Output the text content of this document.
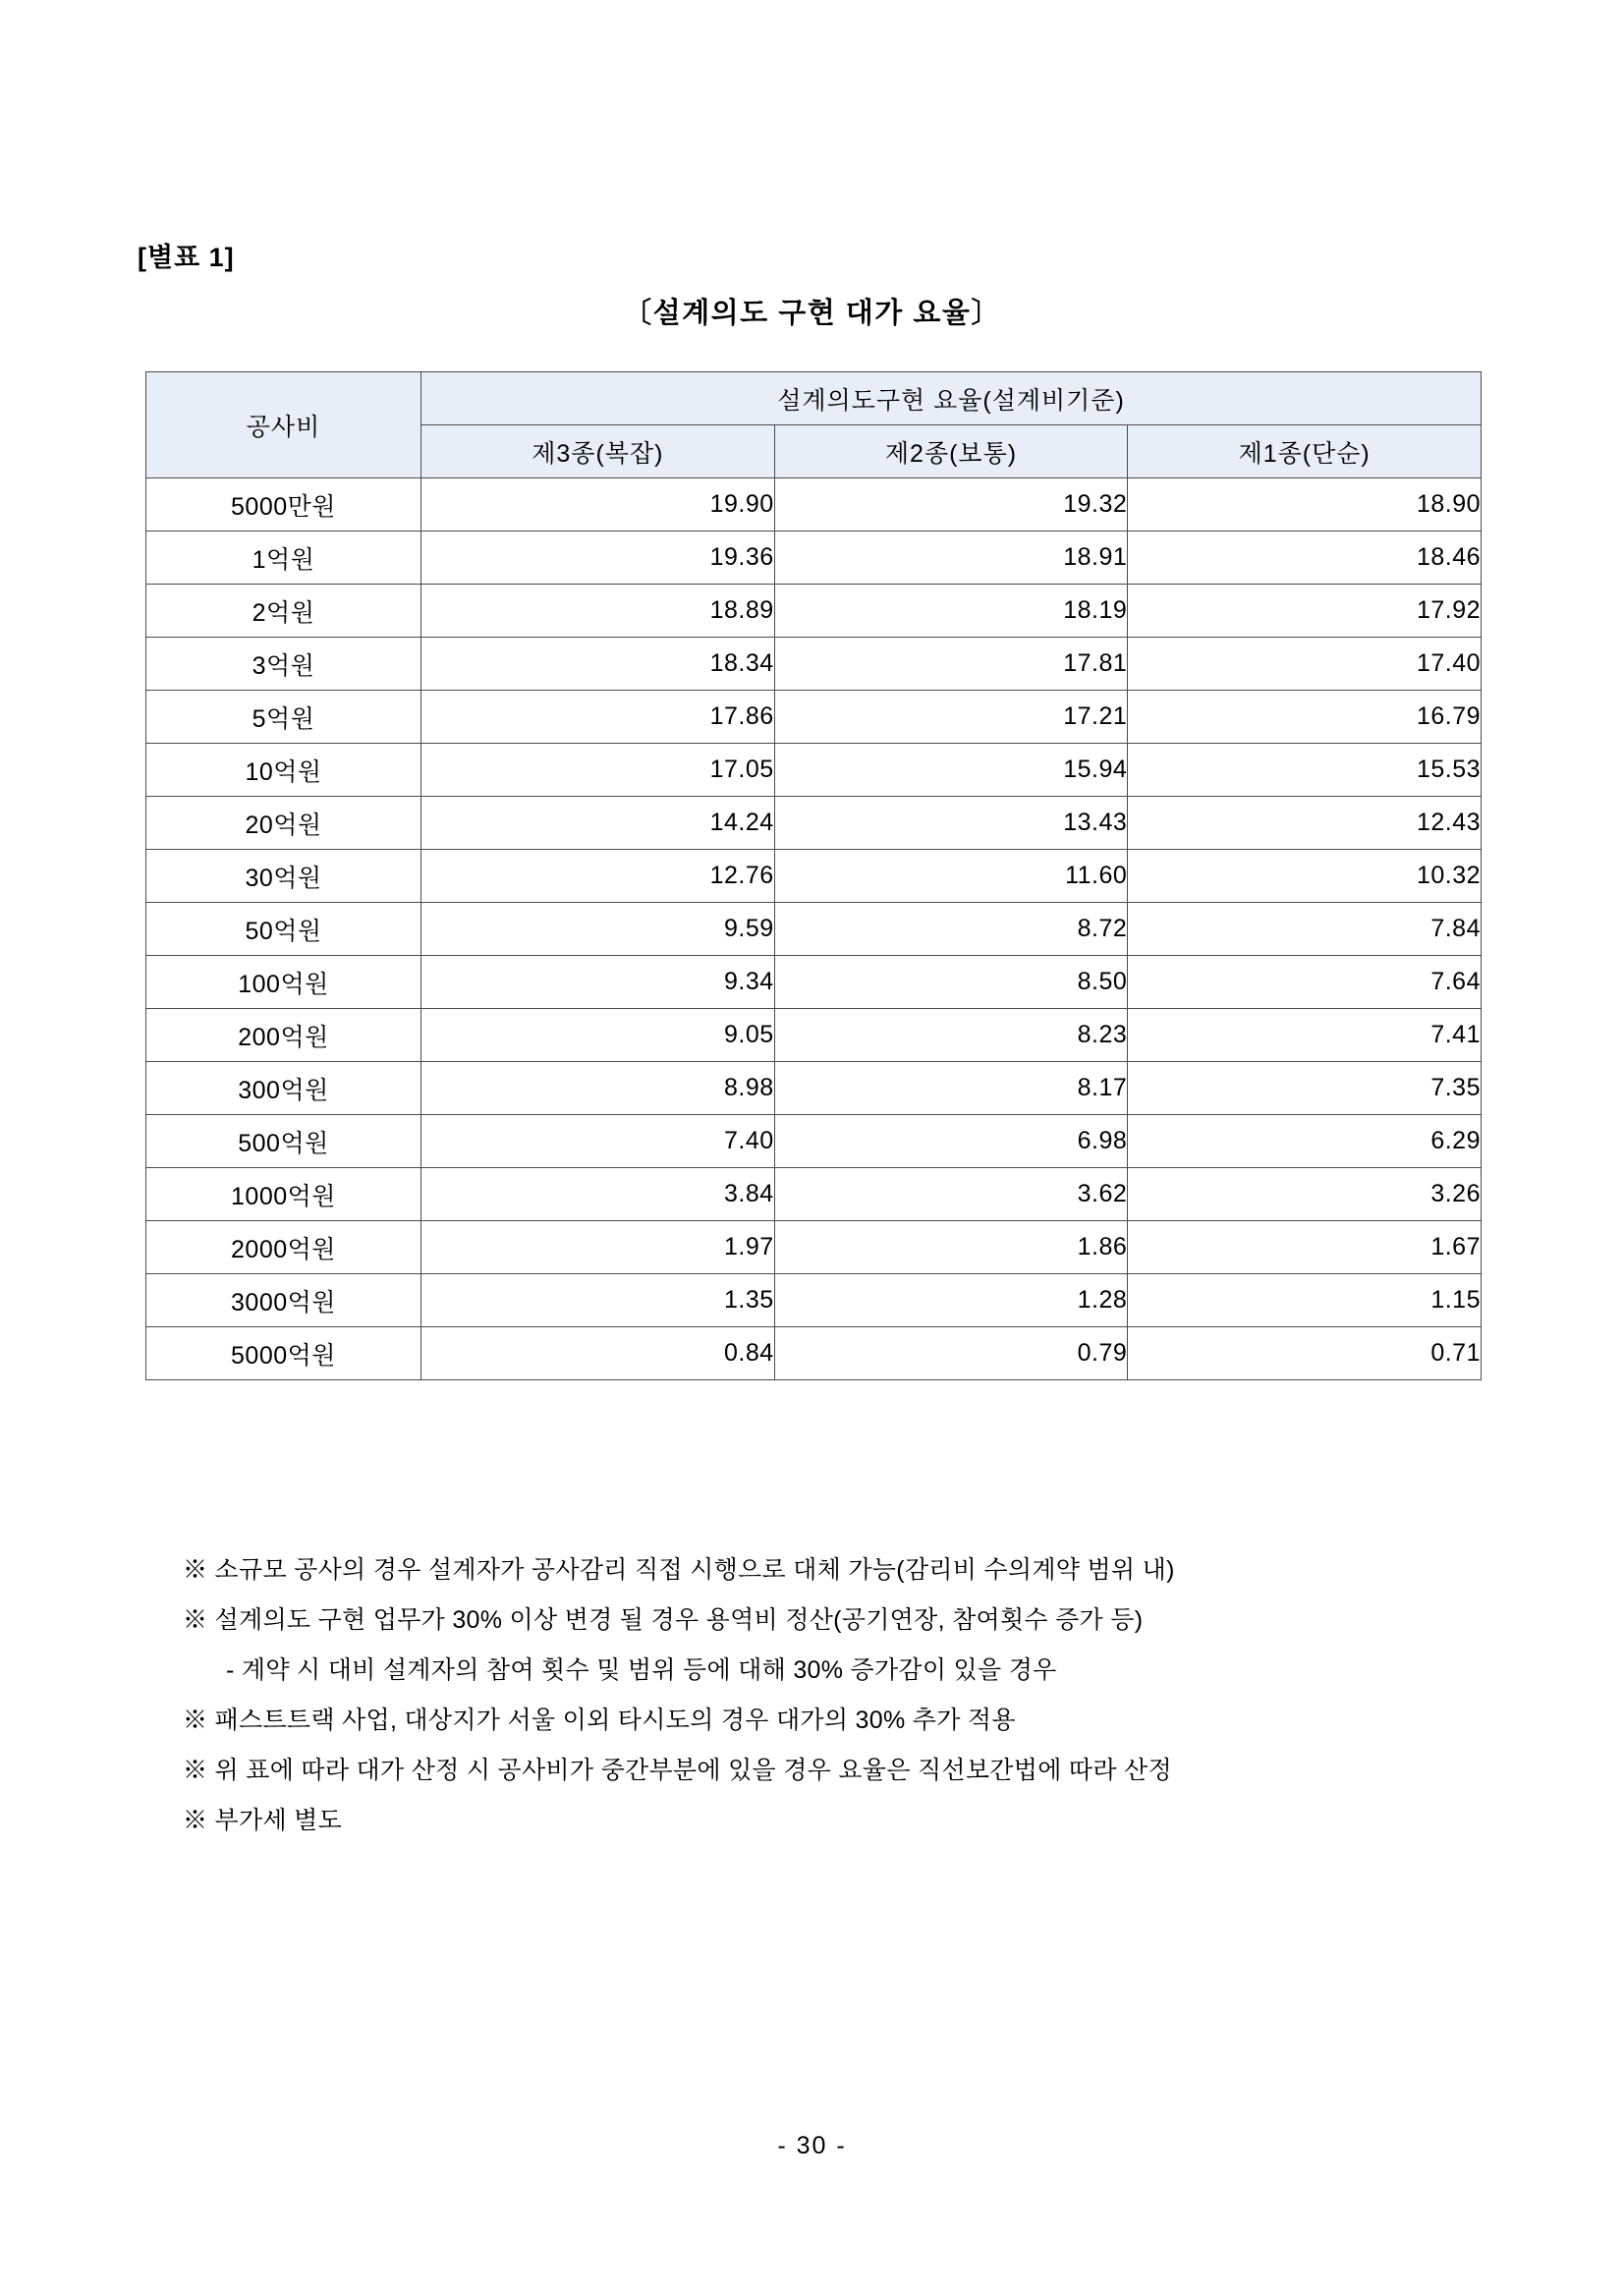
[별표 1]
〔설계의도 구현 대가 요율〕
공사비	설계의도구현 요율(설계비기준)		
	제3종(복잡)	제2종(보통)	제1종(단순)
5000만원	19.90	19.32	18.90
1억원	19.36	18.91	18.46
2억원	18.89	18.19	17.92
3억원	18.34	17.81	17.40
5억원	17.86	17.21	16.79
10억원	17.05	15.94	15.53
20억원	14.24	13.43	12.43
30억원	12.76	11.60	10.32
50억원	9.59	8.72	7.84
100억원	9.34	8.50	7.64
200억원	9.05	8.23	7.41
300억원	8.98	8.17	7.35
500억원	7.40	6.98	6.29
1000억원	3.84	3.62	3.26
2000억원	1.97	1.86	1.67
3000억원	1.35	1.28	1.15
5000억원	0.84	0.79	0.71
※ 소규모 공사의 경우 설계자가 공사감리 직접 시행으로 대체 가능(감리비 수의계약 범위 내)
※ 설계의도 구현 업무가 30% 이상 변경 될 경우 용역비 정산(공기연장, 참여횟수 증가 등)
- 계약 시 대비 설계자의 참여 횟수 및 범위 등에 대해 30% 증가감이 있을 경우
※ 패스트트랙 사업, 대상지가 서울 이외 타시도의 경우 대가의 30% 추가 적용
※ 위 표에 따라 대가 산정 시 공사비가 중간부분에 있을 경우 요율은 직선보간법에 따라 산정
※ 부가세 별도
- 30 -
